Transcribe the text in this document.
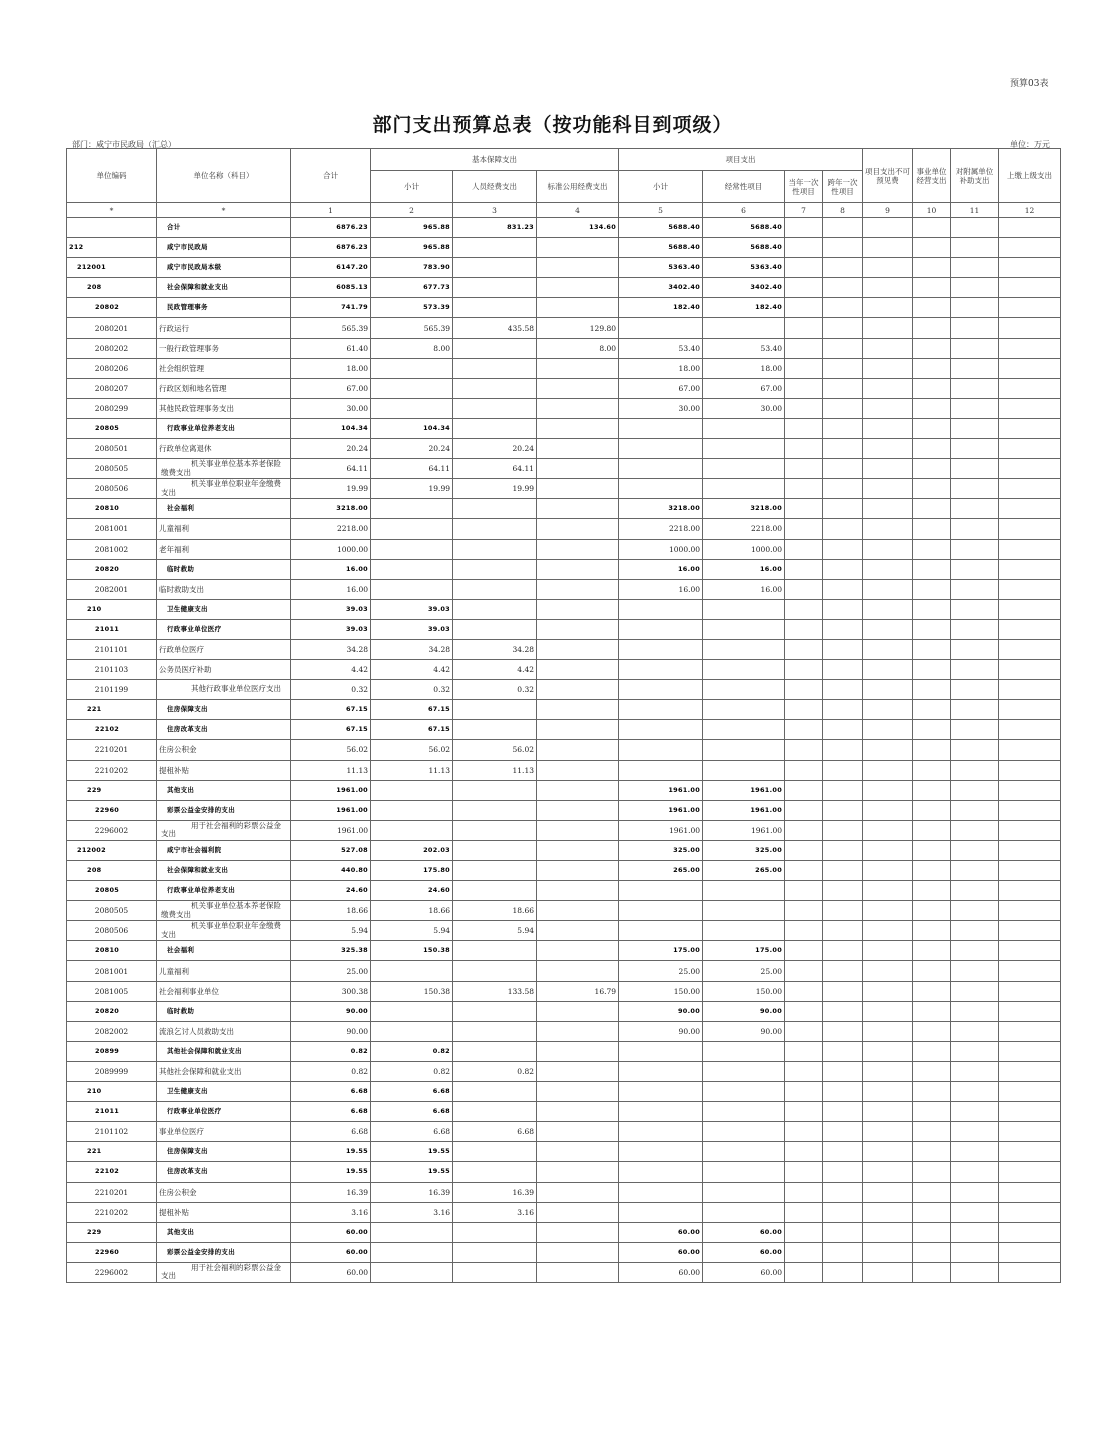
预算03表
部门支出预算总表（按功能科目到项级）
部门：咸宁市民政局（汇总）	单位：万元
单位编码	单位名称（科目）	合计	基本保障支出			项目支出				项目支出不可预见费	事业单位经营支出	对附属单位补助支出	上缴上级支出
			小计	人员经费支出	标准公用经费支出	小计	经常性项目	当年一次性项目	跨年一次性项目				
*	*	1	2	3	4	5	6	7	8	9	10	11	12
	合计	6876.23	965.88	831.23	134.60	5688.40	5688.40						
212	咸宁市民政局	6876.23	965.88			5688.40	5688.40						
212001	咸宁市民政局本级	6147.20	783.90			5363.40	5363.40						
208	社会保障和就业支出	6085.13	677.73			3402.40	3402.40						
20802	民政管理事务	741.79	573.39			182.40	182.40						
2080201	行政运行	565.39	565.39	435.58	129.80								
2080202	一般行政管理事务	61.40	8.00		8.00	53.40	53.40						
2080206	社会组织管理	18.00				18.00	18.00						
2080207	行政区划和地名管理	67.00				67.00	67.00						
2080299	其他民政管理事务支出	30.00				30.00	30.00						
20805	行政事业单位养老支出	104.34	104.34										
2080501	行政单位离退休	20.24	20.24	20.24									
2080505	机关事业单位基本养老保险缴费支出	64.11	64.11	64.11									
2080506	机关事业单位职业年金缴费支出	19.99	19.99	19.99									
20810	社会福利	3218.00				3218.00	3218.00						
2081001	儿童福利	2218.00				2218.00	2218.00						
2081002	老年福利	1000.00				1000.00	1000.00						
20820	临时救助	16.00				16.00	16.00						
2082001	临时救助支出	16.00				16.00	16.00						
210	卫生健康支出	39.03	39.03										
21011	行政事业单位医疗	39.03	39.03										
2101101	行政单位医疗	34.28	34.28	34.28									
2101103	公务员医疗补助	4.42	4.42	4.42									
2101199	其他行政事业单位医疗支出	0.32	0.32	0.32									
221	住房保障支出	67.15	67.15										
22102	住房改革支出	67.15	67.15										
2210201	住房公积金	56.02	56.02	56.02									
2210202	提租补贴	11.13	11.13	11.13									
229	其他支出	1961.00				1961.00	1961.00						
22960	彩票公益金安排的支出	1961.00				1961.00	1961.00						
2296002	用于社会福利的彩票公益金支出	1961.00				1961.00	1961.00						
212002	咸宁市社会福利院	527.08	202.03			325.00	325.00						
208	社会保障和就业支出	440.80	175.80			265.00	265.00						
20805	行政事业单位养老支出	24.60	24.60										
2080505	机关事业单位基本养老保险缴费支出	18.66	18.66	18.66									
2080506	机关事业单位职业年金缴费支出	5.94	5.94	5.94									
20810	社会福利	325.38	150.38			175.00	175.00						
2081001	儿童福利	25.00				25.00	25.00						
2081005	社会福利事业单位	300.38	150.38	133.58	16.79	150.00	150.00						
20820	临时救助	90.00				90.00	90.00						
2082002	流浪乞讨人员救助支出	90.00				90.00	90.00						
20899	其他社会保障和就业支出	0.82	0.82										
2089999	其他社会保障和就业支出	0.82	0.82	0.82									
210	卫生健康支出	6.68	6.68										
21011	行政事业单位医疗	6.68	6.68										
2101102	事业单位医疗	6.68	6.68	6.68									
221	住房保障支出	19.55	19.55										
22102	住房改革支出	19.55	19.55										
2210201	住房公积金	16.39	16.39	16.39									
2210202	提租补贴	3.16	3.16	3.16									
229	其他支出	60.00				60.00	60.00						
22960	彩票公益金安排的支出	60.00				60.00	60.00						
2296002	用于社会福利的彩票公益金支出	60.00				60.00	60.00						
